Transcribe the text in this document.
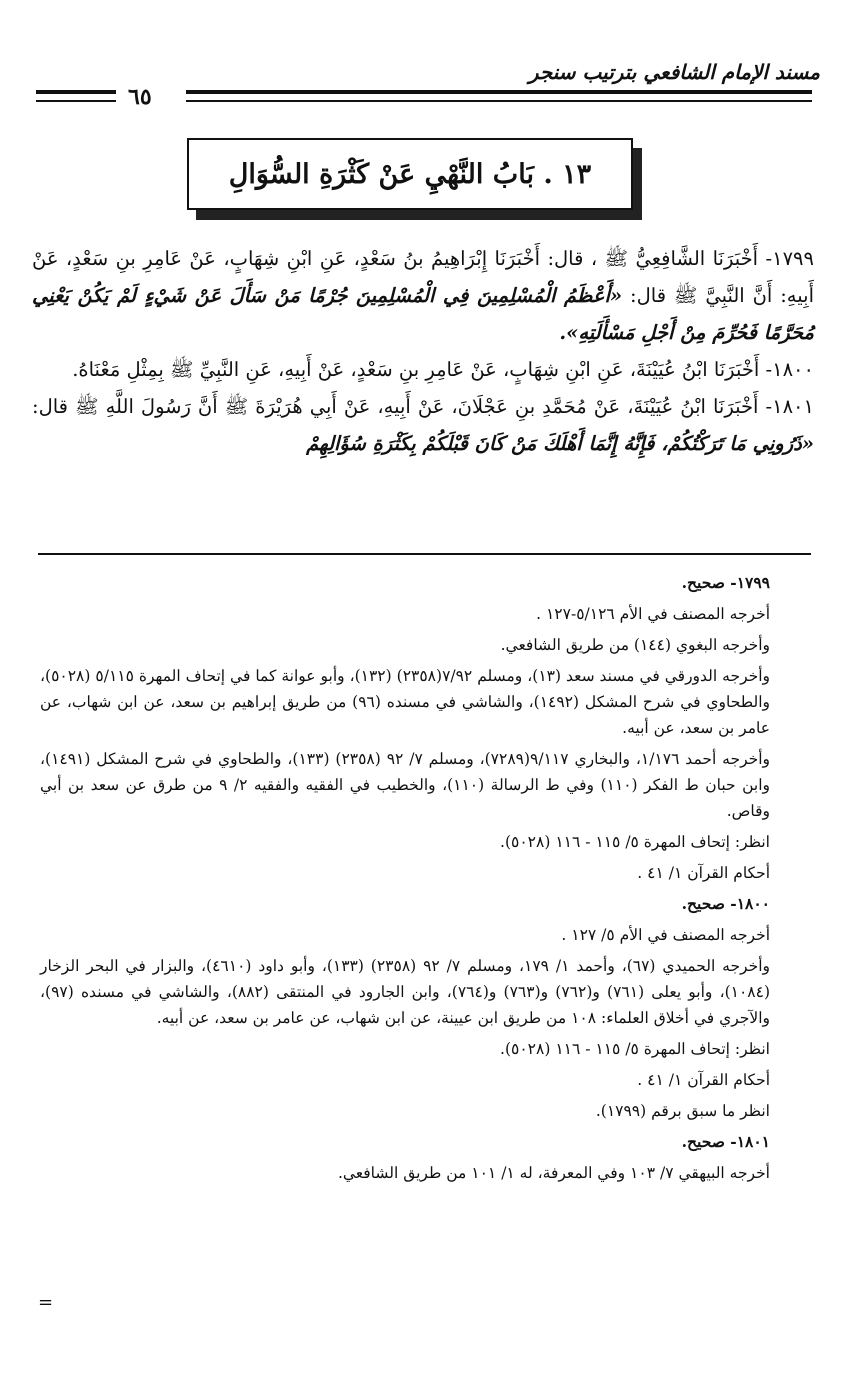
مسند الإمام الشافعي بترتيب سنجر
٦٥
١٣ . بَابُ النَّهْيِ عَنْ كَثْرَةِ السُّوَالِ

١٧٩٩- أَخْبَرَنَا الشَّافِعِيُّ ﷺ ، قال: أَخْبَرَنَا إِبْرَاهِيمُ بنُ سَعْدٍ، عَنِ ابْنِ شِهَابٍ، عَنْ عَامِرِ بنِ سَعْدٍ، عَنْ أَبِيهِ: أَنَّ النَّبِيَّ ﷺ قال: «أَعْظَمُ الْمُسْلِمِينَ فِي الْمُسْلِمِينَ جُرْمًا مَنْ سَأَلَ عَنْ شَيْءٍ لَمْ يَكُنْ يَعْنِي مُحَرَّمًا فَحُرِّمَ مِنْ أَجْلِ مَسْأَلَتِهِ».

١٨٠٠- أَخْبَرَنَا ابْنُ عُيَيْنَةَ، عَنِ ابْنِ شِهَابٍ، عَنْ عَامِرِ بنِ سَعْدٍ، عَنْ أَبِيهِ، عَنِ النَّبِيِّ ﷺ بِمِثْلِ مَعْنَاهُ.

١٨٠١- أَخْبَرَنَا ابْنُ عُيَيْنَةَ، عَنْ مُحَمَّدِ بنِ عَجْلَانَ، عَنْ أَبِيهِ، عَنْ أَبِي هُرَيْرَةَ ﷺ أَنَّ رَسُولَ اللَّهِ ﷺ قال: «ذَرُونِي مَا تَرَكْتُكُمْ، فَإِنَّهُ إِنَّمَا أَهْلَكَ مَنْ كَانَ قَبْلَكُمْ بِكَثْرَةِ سُؤَالِهِمْ

١٧٩٩- صحيح.

أخرجه المصنف في الأم ٥/١٢٦-١٢٧ .

وأخرجه البغوي (١٤٤) من طريق الشافعي.

وأخرجه الدورقي في مسند سعد (١٣)، ومسلم ٧/٩٢(٢٣٥٨) (١٣٢)، وأبو عوانة كما في إتحاف المهرة ٥/١١٥ (٥٠٢٨)، والطحاوي في شرح المشكل (١٤٩٢)، والشاشي في مسنده (٩٦) من طريق إبراهيم بن سعد، عن ابن شهاب، عن عامر بن سعد، عن أبيه.

وأخرجه أحمد ١/١٧٦، والبخاري ٩/١١٧(٧٢٨٩)، ومسلم ٧/ ٩٢ (٢٣٥٨) (١٣٣)، والطحاوي في شرح المشكل (١٤٩١)، وابن حبان ط الفكر (١١٠) وفي ط الرسالة (١١٠)، والخطيب في الفقيه والفقيه ٢/ ٩ من طرق عن سعد بن أبي وقاص.

انظر: إتحاف المهرة ٥/ ١١٥ - ١١٦ (٥٠٢٨).

أحكام القرآن ١/ ٤١ .

١٨٠٠- صحيح.

أخرجه المصنف في الأم ٥/ ١٢٧ .

وأخرجه الحميدي (٦٧)، وأحمد ١/ ١٧٩، ومسلم ٧/ ٩٢ (٢٣٥٨) (١٣٣)، وأبو داود (٤٦١٠)، والبزار في البحر الزخار (١٠٨٤)، وأبو يعلى (٧٦١) و(٧٦٢) و(٧٦٣) و(٧٦٤)، وابن الجارود في المنتقى (٨٨٢)، والشاشي في مسنده (٩٧)، والآجري في أخلاق العلماء: ١٠٨ من طريق ابن عيينة، عن ابن شهاب، عن عامر بن سعد، عن أبيه.

انظر: إتحاف المهرة ٥/ ١١٥ - ١١٦ (٥٠٢٨).

أحكام القرآن ١/ ٤١ .

انظر ما سبق برقم (١٧٩٩).

١٨٠١- صحيح.

أخرجه البيهقي ٧/ ١٠٣ وفي المعرفة، له ١/ ١٠١ من طريق الشافعي.

=
